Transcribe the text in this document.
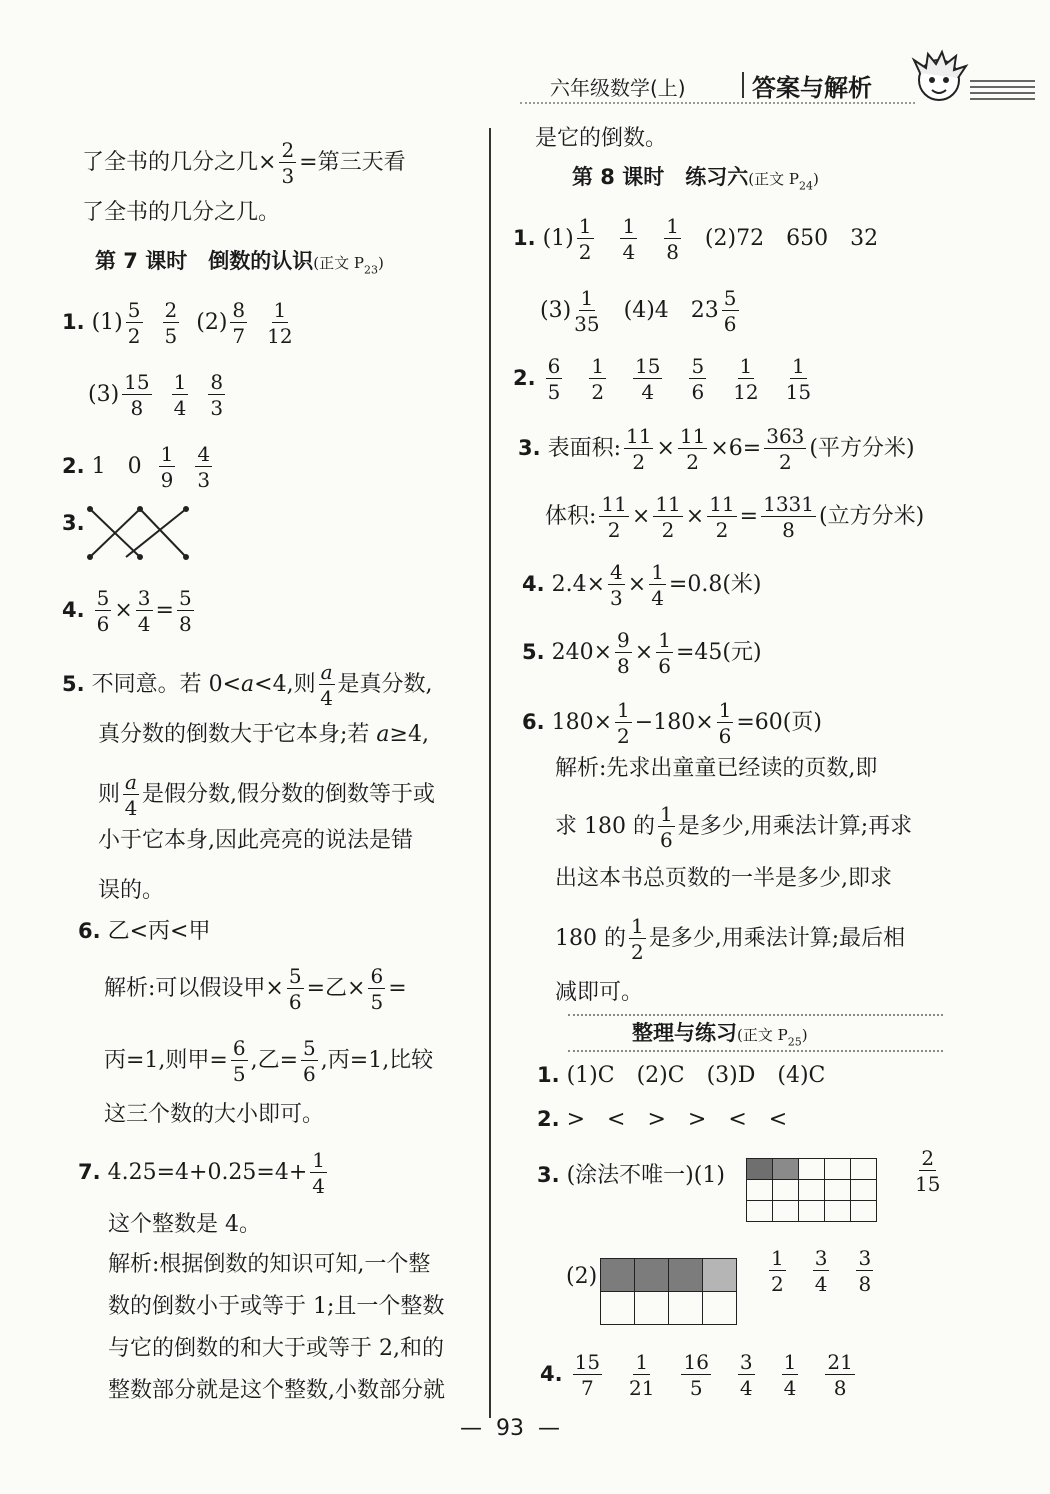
六年级数学(上)	答案与解析
了全书的几分之几× $\frac{2}{3}$ =第三天看
了全书的几分之几。
第 7 课时　倒数的认识(正文 $P_{23}$)
1. $(1) \frac{5}{2}$
$\frac{2}{5} (2) \frac{8}{7}$
$\frac{1}{12}$
$(3) \frac{15}{8}$
$\frac{1}{4}$
$\frac{8}{3}$
2. 1　$0 \frac{1}{9}$
$\frac{4}{3}$
3.
4. $\frac{5}{6} \times \frac{3}{4} = \frac{5}{8}$
5. 不同意。若 0<a<4,则 $\frac{a}{4}$ 是真分数,
真分数的倒数大于它本身;若 a≥4,
则 $\frac{a}{4}$ 是假分数,假分数的倒数等于或
小于它本身,因此亮亮的说法是错
误的。
6. 乙<丙<甲
解析:可以假设甲× $\frac{5}{6}$ =乙× $\frac{6}{5}$ =
丙=1,则甲= $\frac{6}{5}$ ,乙= $\frac{5}{6}$ ,丙=1,比较
这三个数的大小即可。
7. $4.25=4+0.25=4+ \frac{1}{4}$
这个整数是 4。
解析:根据倒数的知识可知,一个整
数的倒数小于或等于 1;且一个整数
与它的倒数的和大于或等于 2,和的
整数部分就是这个整数,小数部分就
是它的倒数。
第 8 课时　练习六(正文 $P_{24}$)
1. $(1) \frac{1}{2}$
$\frac{1}{4}$
$\frac{1}{8} (2)72$　650　32
$(3) \frac{1}{35} (4)4$　$23 \frac{5}{6}$
2. $\frac{6}{5}$
$\frac{1}{2}$
$\frac{15}{4}$
$\frac{5}{6}$
$\frac{1}{12}$
$\frac{1}{15}$
3. 表面积: $\frac{11}{2} \times \frac{11}{2} \times 6= \frac{363}{2}$ (平方分米)
体积: $\frac{11}{2} \times \frac{11}{2} \times \frac{11}{2} = \frac{1331}{8}$ (立方分米)
4. $2.4\times \frac{4}{3} \times \frac{1}{4} =0.8$(米)
5. $240\times \frac{9}{8} \times \frac{1}{6} =45$(元)
6. $180\times \frac{1}{2} -180\times \frac{1}{6} =60$(页)
解析:先求出童童已经读的页数,即
求 180 的 $\frac{1}{6}$ 是多少,用乘法计算;再求
出这本书总页数的一半是多少,即求
180 的 $\frac{1}{2}$ 是多少,用乘法计算;最后相
减即可。
整理与练习(正文 $P_{25}$)
1. (1)C　(2)C　(3)D　(4)C
2. >　<　>　>　<　<
3. (涂法不唯一)(1)

					$\frac{2}{15}$
(2)

				$\frac{1}{2}$
$\frac{3}{4}$
$\frac{3}{8}$
4. $\frac{15}{7}$
$\frac{1}{21}$
$\frac{16}{5}$
$\frac{3}{4}$
$\frac{1}{4}$
$\frac{21}{8}$
—  93  —
